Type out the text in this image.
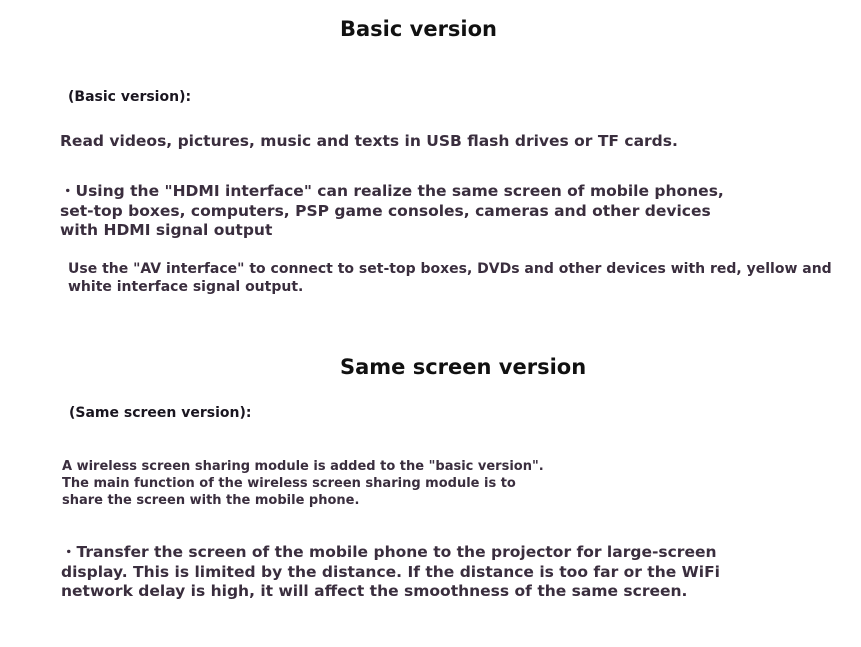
Basic version
(Basic version):

Read videos, pictures, music and texts in USB flash drives or TF cards.

・Using the "HDMI interface" can realize the same screen of mobile phones,
set-top boxes, computers, PSP game consoles, cameras and other devices
with HDMI signal output

Use the "AV interface" to connect to set-top boxes, DVDs and other devices with red, yellow and
white interface signal output.

Same screen version
(Same screen version):

A wireless screen sharing module is added to the "basic version".
The main function of the wireless screen sharing module is to
share the screen with the mobile phone.

・Transfer the screen of the mobile phone to the projector for large-screen
display. This is limited by the distance. If the distance is too far or the WiFi
network delay is high, it will affect the smoothness of the same screen.
